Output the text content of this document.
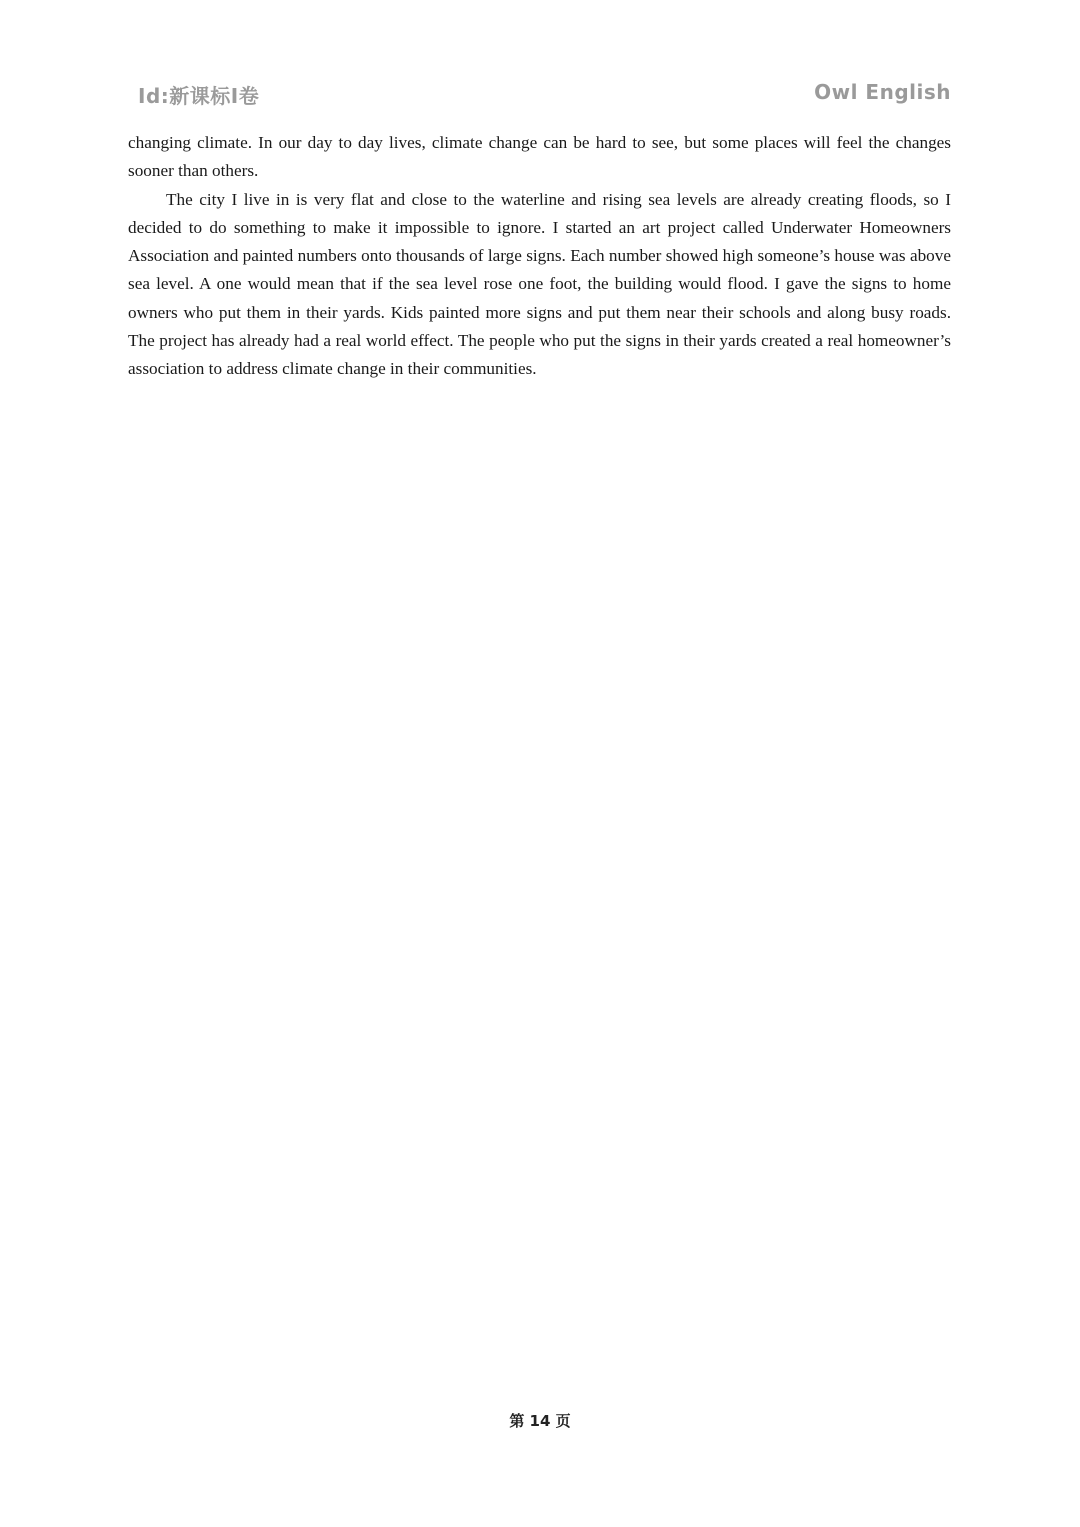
Id:新课标I卷	Owl English

changing climate. In our day to day lives, climate change can be hard to see, but some places will feel the changes sooner than others.

The city I live in is very flat and close to the waterline and rising sea levels are already creating floods, so I decided to do something to make it impossible to ignore. I started an art project called Underwater Homeowners Association and painted numbers onto thousands of large signs. Each number showed high someone’s house was above sea level. A one would mean that if the sea level rose one foot, the building would flood. I gave the signs to home owners who put them in their yards. Kids painted more signs and put them near their schools and along busy roads. The project has already had a real world effect. The people who put the signs in their yards created a real homeowner’s association to address climate change in their communities.

第 14 页
